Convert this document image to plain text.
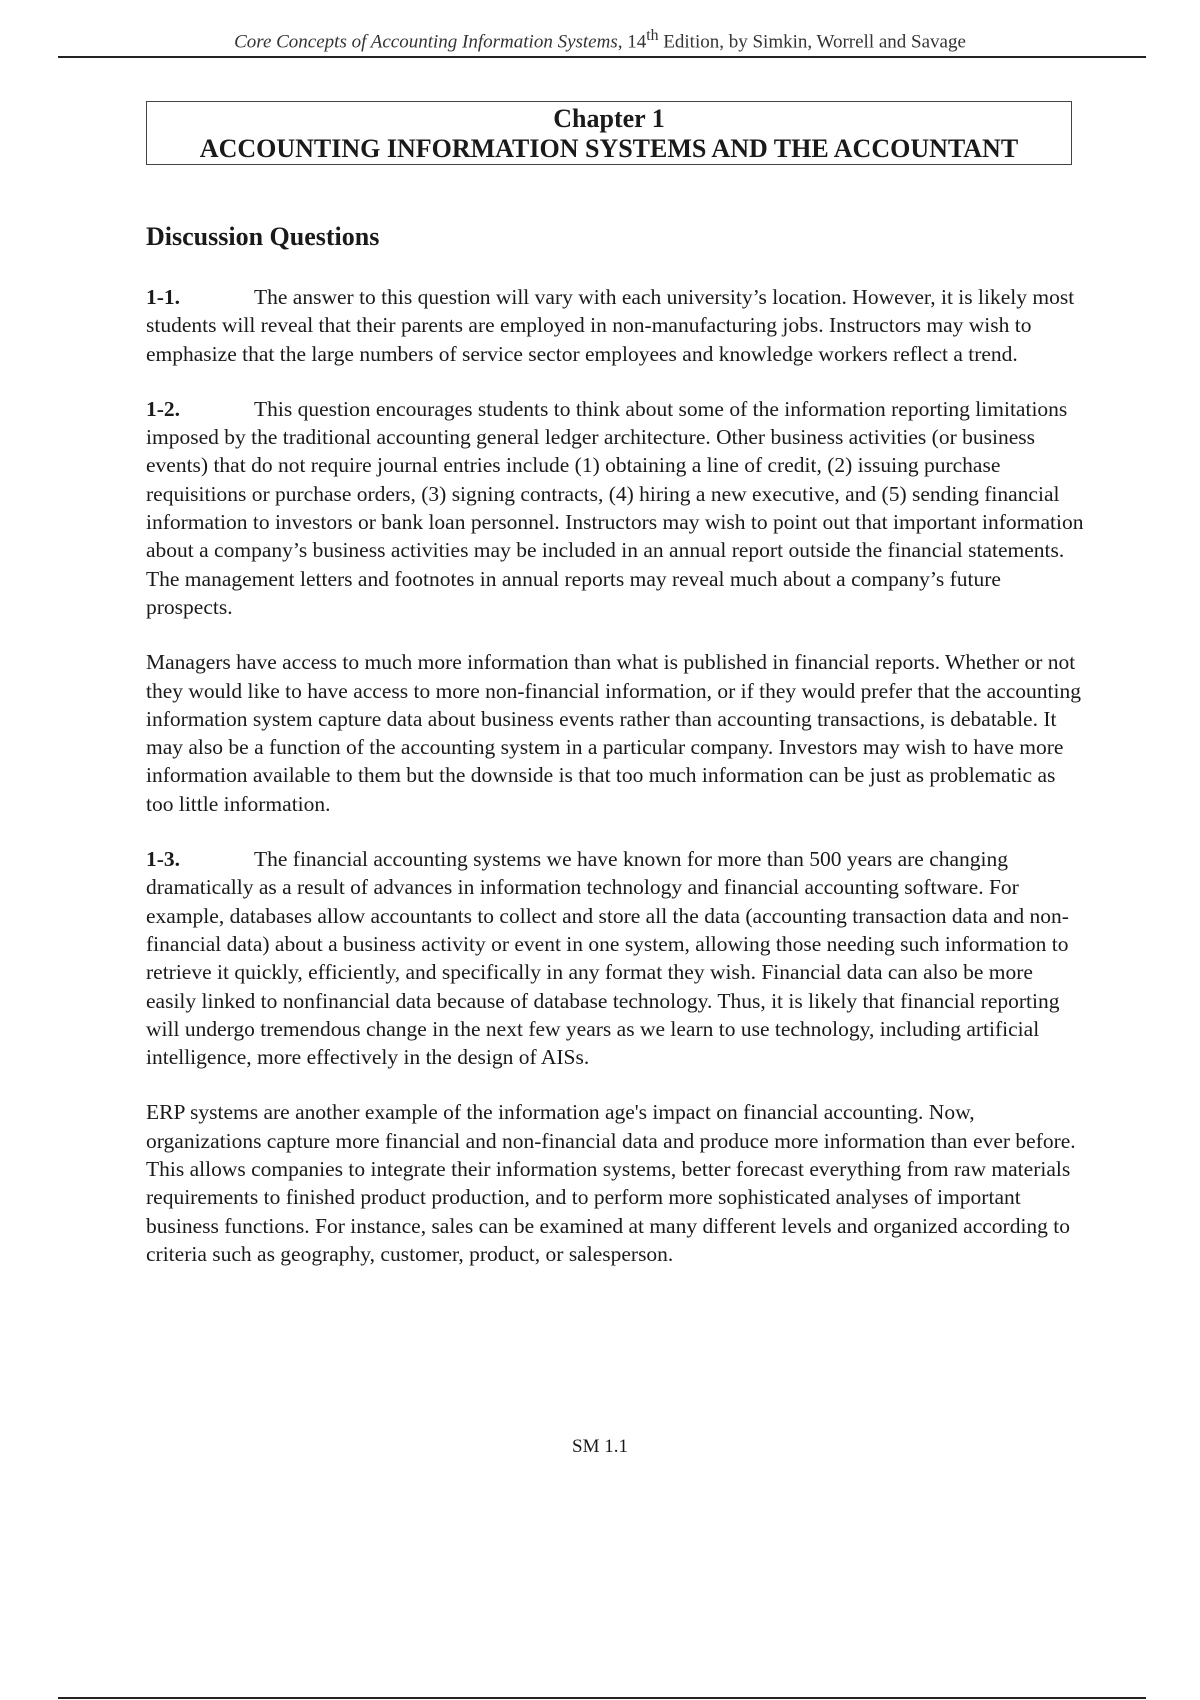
Core Concepts of Accounting Information Systems, 14th Edition, by Simkin, Worrell and Savage
Chapter 1
ACCOUNTING INFORMATION SYSTEMS AND THE ACCOUNTANT
Discussion Questions

1-1.	The answer to this question will vary with each university’s location. However, it is likely most students will reveal that their parents are employed in non-manufacturing jobs. Instructors may wish to emphasize that the large numbers of service sector employees and knowledge workers reflect a trend.

1-2.	This question encourages students to think about some of the information reporting limitations imposed by the traditional accounting general ledger architecture. Other business activities (or business events) that do not require journal entries include (1) obtaining a line of credit, (2) issuing purchase requisitions or purchase orders, (3) signing contracts, (4) hiring a new executive, and (5) sending financial information to investors or bank loan personnel. Instructors may wish to point out that important information about a company’s business activities may be included in an annual report outside the financial statements. The management letters and footnotes in annual reports may reveal much about a company’s future prospects.

Managers have access to much more information than what is published in financial reports. Whether or not they would like to have access to more non-financial information, or if they would prefer that the accounting information system capture data about business events rather than accounting transactions, is debatable. It may also be a function of the accounting system in a particular company. Investors may wish to have more information available to them but the downside is that too much information can be just as problematic as too little information.

1-3.	The financial accounting systems we have known for more than 500 years are changing dramatically as a result of advances in information technology and financial accounting software. For example, databases allow accountants to collect and store all the data (accounting transaction data and non-financial data) about a business activity or event in one system, allowing those needing such information to retrieve it quickly, efficiently, and specifically in any format they wish. Financial data can also be more easily linked to nonfinancial data because of database technology. Thus, it is likely that financial reporting will undergo tremendous change in the next few years as we learn to use technology, including artificial intelligence, more effectively in the design of AISs.

ERP systems are another example of the information age's impact on financial accounting. Now, organizations capture more financial and non-financial data and produce more information than ever before. This allows companies to integrate their information systems, better forecast everything from raw materials requirements to finished product production, and to perform more sophisticated analyses of important business functions. For instance, sales can be examined at many different levels and organized according to criteria such as geography, customer, product, or salesperson.

SM 1.1
